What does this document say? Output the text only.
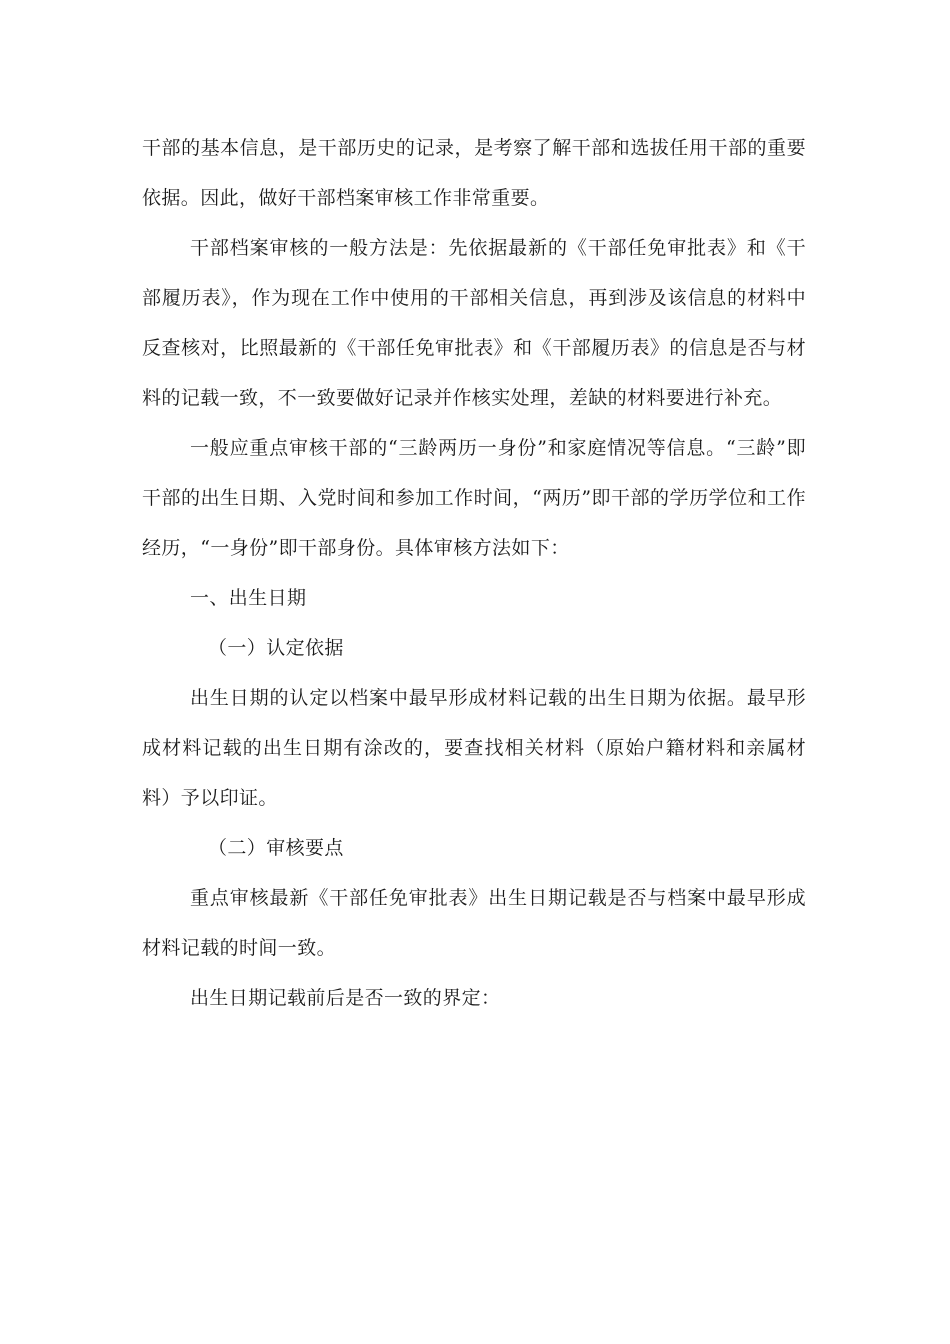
干部的基本信息，是干部历史的记录，是考察了解干部和选拔任用干部的重要依据。因此，做好干部档案审核工作非常重要。

干部档案审核的一般方法是：先依据最新的《干部任免审批表》和《干部履历表》，作为现在工作中使用的干部相关信息，再到涉及该信息的材料中反查核对，比照最新的《干部任免审批表》和《干部履历表》的信息是否与材料的记载一致，不一致要做好记录并作核实处理，差缺的材料要进行补充。

一般应重点审核干部的“三龄两历一身份”和家庭情况等信息。“三龄”即干部的出生日期、入党时间和参加工作时间，“两历”即干部的学历学位和工作经历，“一身份”即干部身份。具体审核方法如下：

一、出生日期

（一）认定依据

出生日期的认定以档案中最早形成材料记载的出生日期为依据。最早形成材料记载的出生日期有涂改的，要查找相关材料（原始户籍材料和亲属材料）予以印证。

（二）审核要点

重点审核最新《干部任免审批表》出生日期记载是否与档案中最早形成材料记载的时间一致。

出生日期记载前后是否一致的界定：
